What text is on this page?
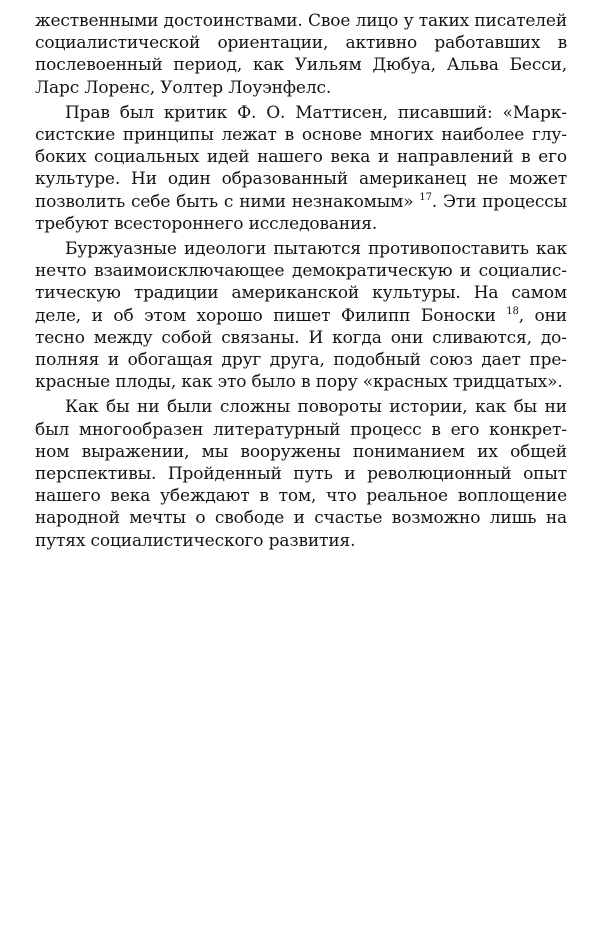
жественными достоинствами. Свое лицо у таких писателей социалистической ориентации, активно работавших в послевоенный период, как Уильям Дюбуа, Альва Бесси, Ларс Лоренс, Уолтер Лоуэнфелс.

Прав был критик Ф. О. Маттисен, писавший: «Марксистские принципы лежат в основе многих наиболее глубоких социальных идей нашего века и направлений в его культуре. Ни один образованный американец не может позволить себе быть с ними незнакомым» $^{17}$. Эти процессы требуют всестороннего исследования.

Буржуазные идеологи пытаются противопоставить как нечто взаимоисключающее демократическую и социалистическую традиции американской культуры. На самом деле, и об этом хорошо пишет Филипп Боноски $^{18}$, они тесно между собой связаны. И когда они сливаются, дополняя и обогащая друг друга, подобный союз дает прекрасные плоды, как это было в пору «красных тридцатых».

Как бы ни были сложны повороты истории, как бы ни был многообразен литературный процесс в его конкретном выражении, мы вооружены пониманием их общей перспективы. Пройденный путь и революционный опыт нашего века убеждают в том, что реальное воплощение народной мечты о свободе и счастье возможно лишь на путях социалистического развития.
